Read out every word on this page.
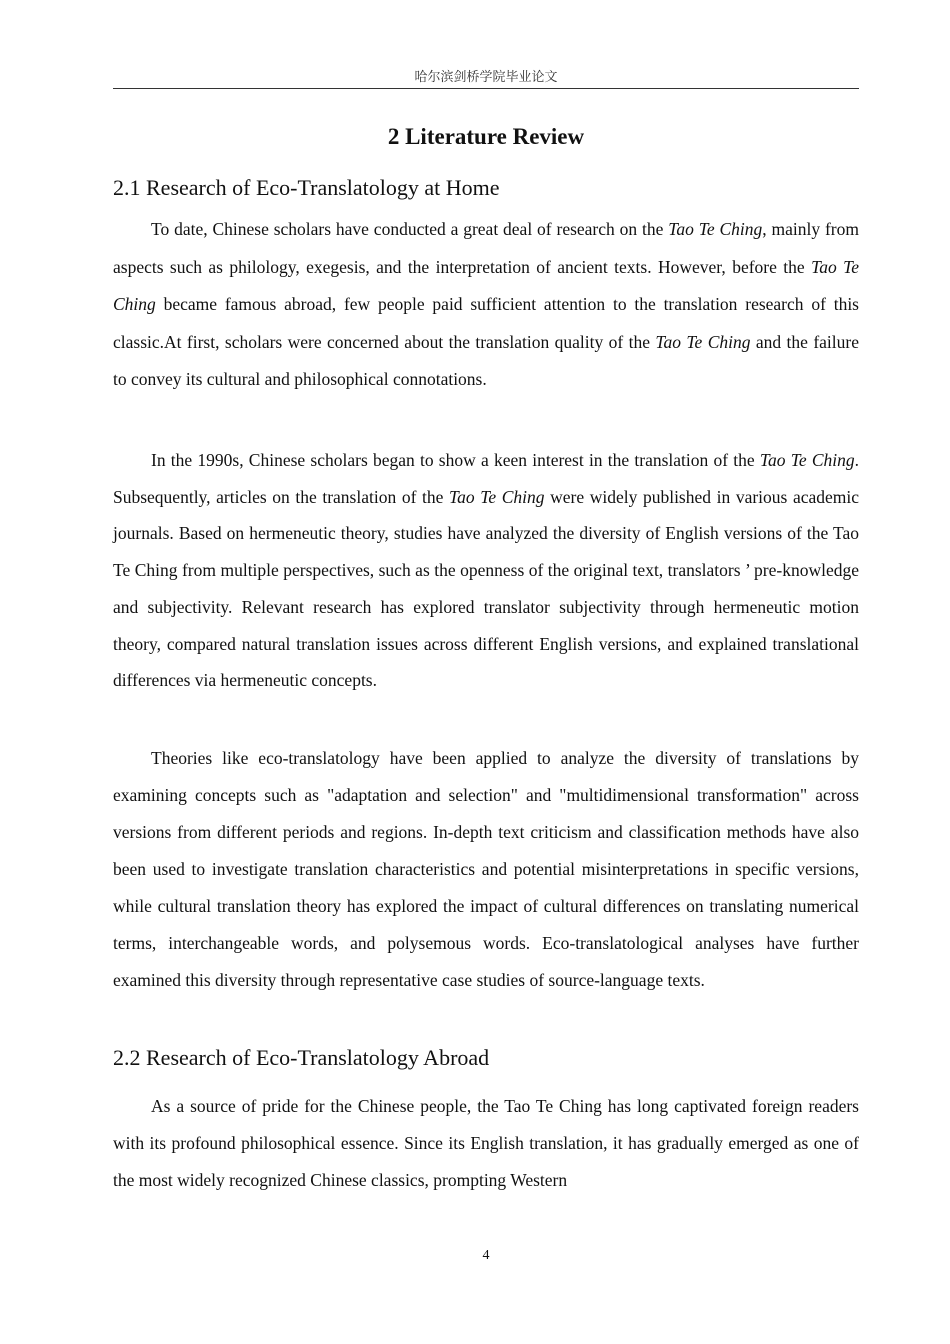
哈尔滨剑桥学院毕业论文
2 Literature Review
2.1 Research of Eco-Translatology at Home

To date, Chinese scholars have conducted a great deal of research on the Tao Te Ching, mainly from aspects such as philology, exegesis, and the interpretation of ancient texts. However, before the Tao Te Ching became famous abroad, few people paid sufficient attention to the translation research of this classic.At first, scholars were concerned about the translation quality of the Tao Te Ching and the failure to convey its cultural and philosophical connotations.

In the 1990s, Chinese scholars began to show a keen interest in the translation of the Tao Te Ching. Subsequently, articles on the translation of the Tao Te Ching were widely published in various academic journals. Based on hermeneutic theory, studies have analyzed the diversity of English versions of the Tao Te Ching from multiple perspectives, such as the openness of the original text, translators ’ pre-knowledge and subjectivity. Relevant research has explored translator subjectivity through hermeneutic motion theory, compared natural translation issues across different English versions, and explained translational differences via hermeneutic concepts.

Theories like eco-translatology have been applied to analyze the diversity of translations by examining concepts such as "adaptation and selection" and "multidimensional transformation" across versions from different periods and regions. In-depth text criticism and classification methods have also been used to investigate translation characteristics and potential misinterpretations in specific versions, while cultural translation theory has explored the impact of cultural differences on translating numerical terms, interchangeable words, and polysemous words. Eco-translatological analyses have further examined this diversity through representative case studies of source-language texts.

2.2 Research of Eco-Translatology Abroad

As a source of pride for the Chinese people, the Tao Te Ching has long captivated foreign readers with its profound philosophical essence. Since its English translation, it has gradually emerged as one of the most widely recognized Chinese classics, prompting Western

4
